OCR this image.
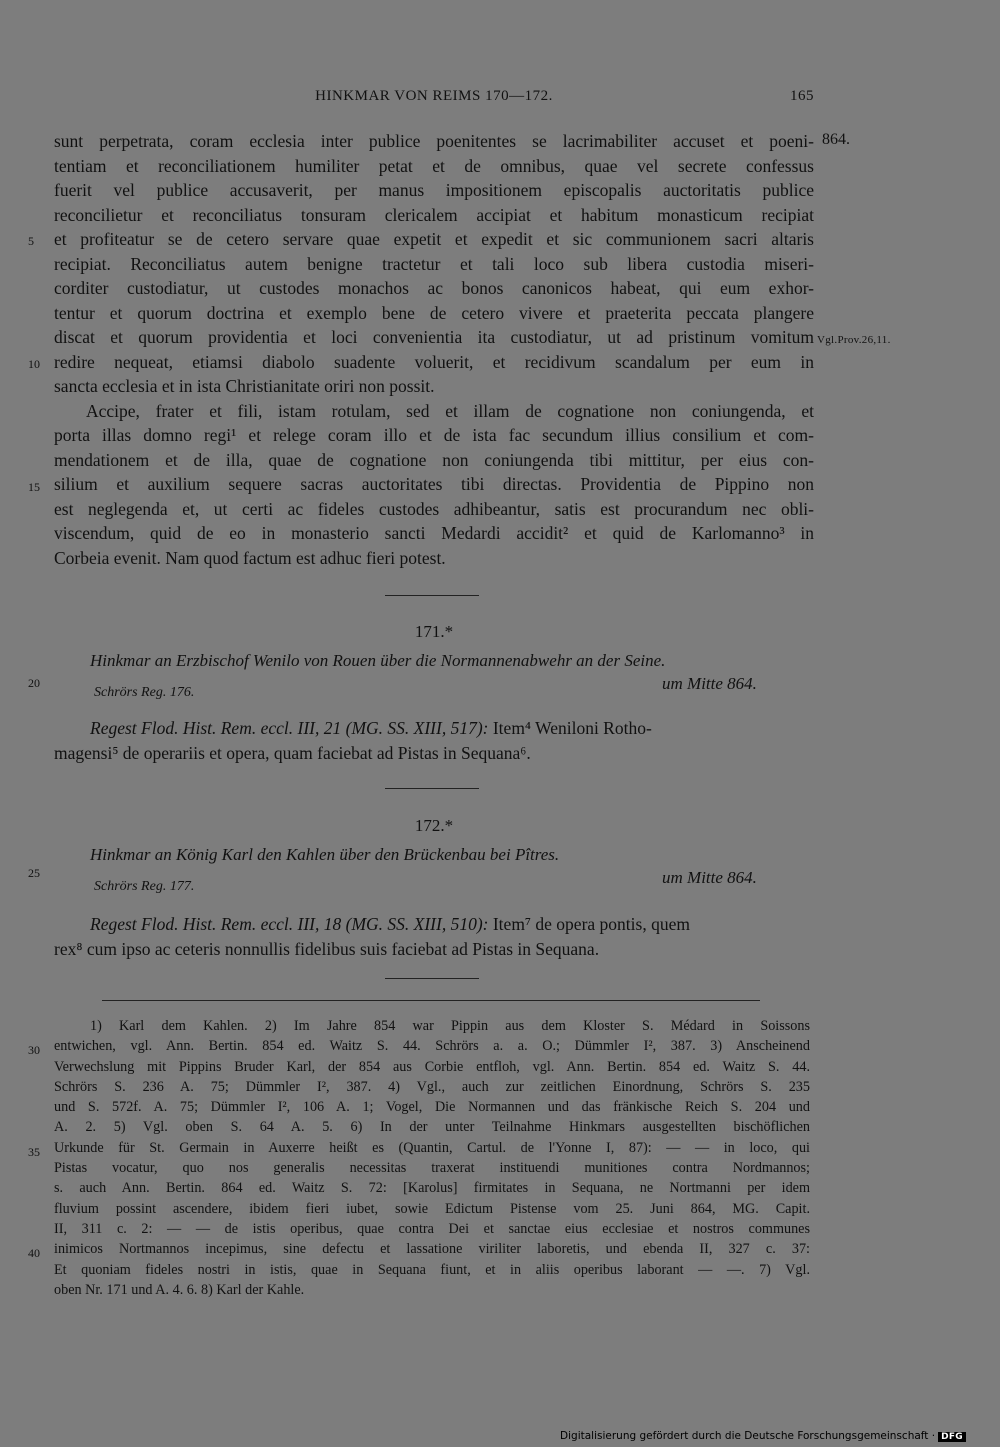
HINKMAR VON REIMS 170—172.	165
sunt perpetrata, coram ecclesia inter publice poenitentes se lacrimabiliter accuset et poeni-
tentiam et reconciliationem humiliter petat et de omnibus, quae vel secrete confessus
fuerit vel publice accusaverit, per manus impositionem episcopalis auctoritatis publice
reconcilietur et reconciliatus tonsuram clericalem accipiat et habitum monasticum recipiat
et profiteatur se de cetero servare quae expetit et expedit et sic communionem sacri altaris
recipiat. Reconciliatus autem benigne tractetur et tali loco sub libera custodia miseri-
corditer custodiatur, ut custodes monachos ac bonos canonicos habeat, qui eum exhor-
tentur et quorum doctrina et exemplo bene de cetero vivere et praeterita peccata plangere
discat et quorum providentia et loci convenientia ita custodiatur, ut ad pristinum vomitum
redire nequeat, etiamsi diabolo suadente voluerit, et recidivum scandalum per eum in
sancta ecclesia et in ista Christianitate oriri non possit.
Accipe, frater et fili, istam rotulam, sed et illam de cognatione non coniungenda, et
porta illas domno regi¹ et relege coram illo et de ista fac secundum illius consilium et com-
mendationem et de illa, quae de cognatione non coniungenda tibi mittitur, per eius con-
silium et auxilium sequere sacras auctoritates tibi directas. Providentia de Pippino non
est neglegenda et, ut certi ac fideles custodes adhibeantur, satis est procurandum nec obli-
viscendum, quid de eo in monasterio sancti Medardi accidit² et quid de Karlomanno³ in
Corbeia evenit. Nam quod factum est adhuc fieri potest.
864.
Vgl.Prov.26,11.
5
10
15
171.*
Hinkmar an Erzbischof Wenilo von Rouen über die Normannenabwehr an der Seine.
20
Schrörs Reg. 176.	um Mitte 864.
Regest Flod. Hist. Rem. eccl. III, 21 (MG. SS. XIII, 517): Item⁴ Weniloni Rotho-
magensi⁵ de operariis et opera, quam faciebat ad Pistas in Sequana⁶.
172.*
Hinkmar an König Karl den Kahlen über den Brückenbau bei Pîtres.
25
Schrörs Reg. 177.	um Mitte 864.
Regest Flod. Hist. Rem. eccl. III, 18 (MG. SS. XIII, 510): Item⁷ de opera pontis, quem
rex⁸ cum ipso ac ceteris nonnullis fidelibus suis faciebat ad Pistas in Sequana.
1) Karl dem Kahlen. 2) Im Jahre 854 war Pippin aus dem Kloster S. Médard in Soissons
entwichen, vgl. Ann. Bertin. 854 ed. Waitz S. 44. Schrörs a. a. O.; Dümmler I², 387. 3) Anscheinend
Verwechslung mit Pippins Bruder Karl, der 854 aus Corbie entfloh, vgl. Ann. Bertin. 854 ed. Waitz S. 44.
Schrörs S. 236 A. 75; Dümmler I², 387. 4) Vgl., auch zur zeitlichen Einordnung, Schrörs S. 235
und S. 572f. A. 75; Dümmler I², 106 A. 1; Vogel, Die Normannen und das fränkische Reich S. 204 und
A. 2. 5) Vgl. oben S. 64 A. 5. 6) In der unter Teilnahme Hinkmars ausgestellten bischöflichen
Urkunde für St. Germain in Auxerre heißt es (Quantin, Cartul. de l'Yonne I, 87): — — in loco, qui
Pistas vocatur, quo nos generalis necessitas traxerat instituendi munitiones contra Nordmannos;
s. auch Ann. Bertin. 864 ed. Waitz S. 72: [Karolus] firmitates in Sequana, ne Nortmanni per idem
fluvium possint ascendere, ibidem fieri iubet, sowie Edictum Pistense vom 25. Juni 864, MG. Capit.
II, 311 c. 2: — — de istis operibus, quae contra Dei et sanctae eius ecclesiae et nostros communes
inimicos Nortmannos incepimus, sine defectu et lassatione viriliter laboretis, und ebenda II, 327 c. 37:
Et quoniam fideles nostri in istis, quae in Sequana fiunt, et in aliis operibus laborant — —. 7) Vgl.
oben Nr. 171 und A. 4. 6. 8) Karl der Kahle.
30
35
40
Digitalisierung gefördert durch die Deutsche Forschungsgemeinschaft · DFG
